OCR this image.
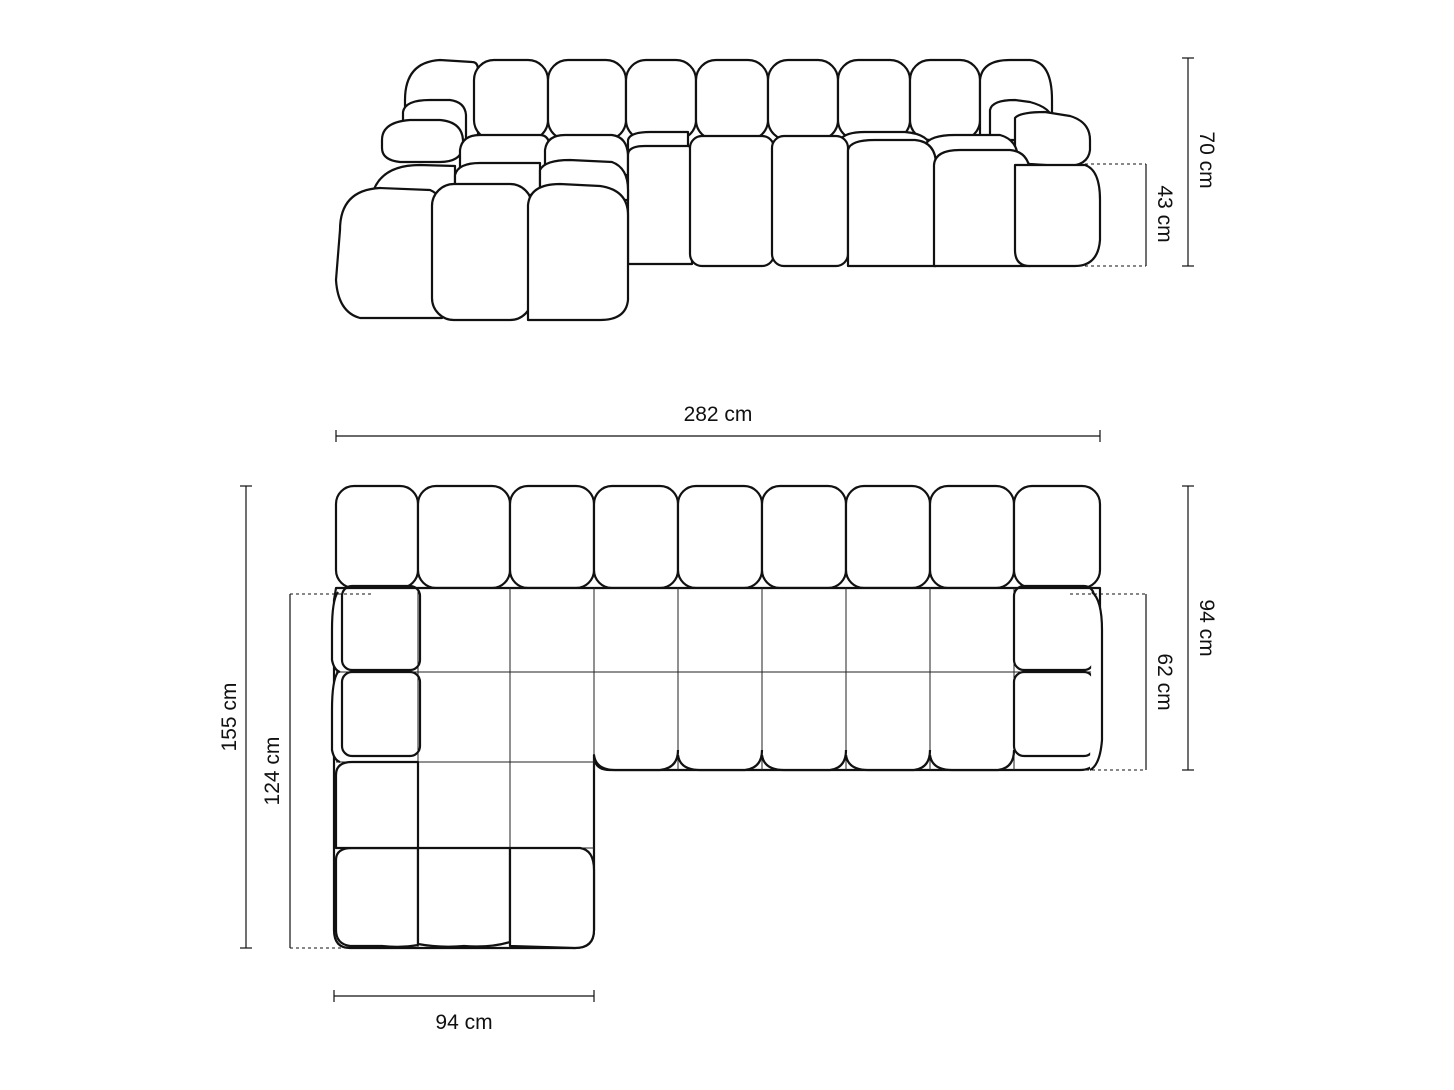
70 cm
43 cm
282 cm
155 cm
124 cm
94 cm
62 cm
94 cm
